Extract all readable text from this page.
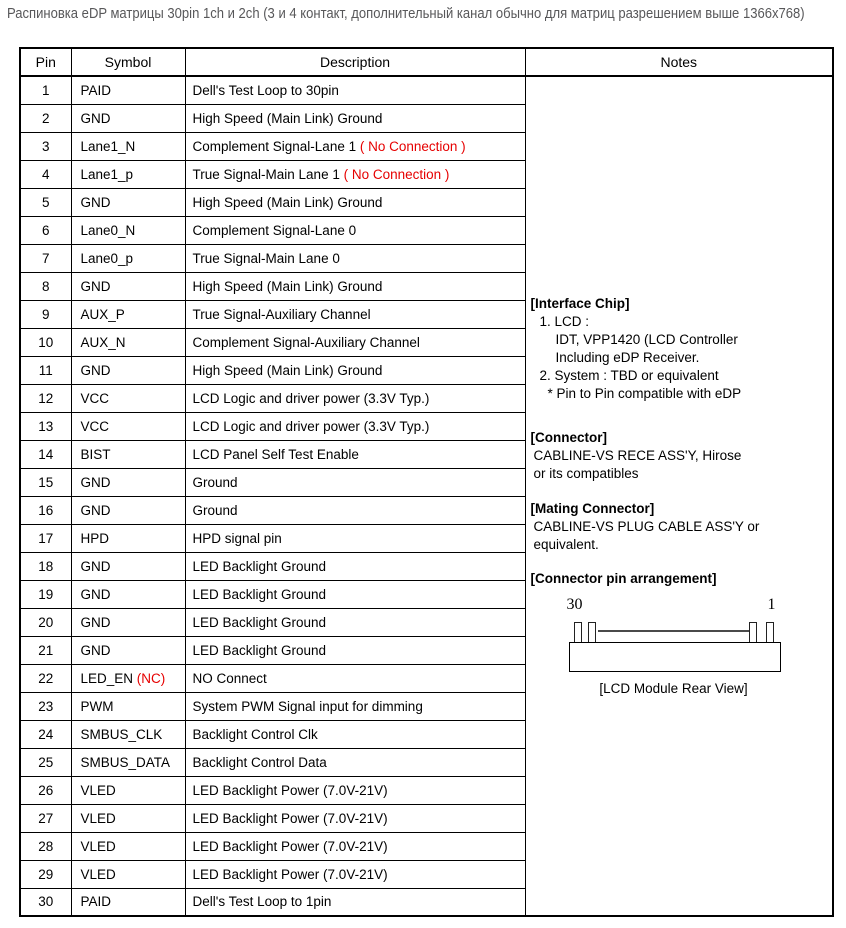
Распиновка eDP матрицы 30pin 1ch и 2ch (3 и 4 контакт, дополнительный канал обычно для матриц разрешением выше 1366x768)
Pin	Symbol	Description	Notes
1	PAID	Dell's Test Loop to 30pin	
[Interface Chip]
1. LCD :
IDT, VPP1420 (LCD Controller
Including eDP Receiver.
2. System : TBD or equivalent
* Pin to Pin compatible with eDP
[Connector]
CABLINE-VS RECE ASS'Y, Hirose
or its compatibles
[Mating Connector]
CABLINE-VS PLUG CABLE ASS'Y or
equivalent.
[Connector pin arrangement]
30	1
[LCD Module Rear View]

2	GND	High Speed (Main Link) Ground	
3	Lane1_N	Complement Signal-Lane 1 ( No Connection )	
4	Lane1_p	True Signal-Main Lane 1 ( No Connection )	
5	GND	High Speed (Main Link) Ground	
6	Lane0_N	Complement Signal-Lane 0	
7	Lane0_p	True Signal-Main Lane 0	
8	GND	High Speed (Main Link) Ground	
9	AUX_P	True Signal-Auxiliary Channel	
10	AUX_N	Complement Signal-Auxiliary Channel	
11	GND	High Speed (Main Link) Ground	
12	VCC	LCD Logic and driver power (3.3V Typ.)	
13	VCC	LCD Logic and driver power (3.3V Typ.)	
14	BIST	LCD Panel Self Test Enable	
15	GND	Ground	
16	GND	Ground	
17	HPD	HPD signal pin	
18	GND	LED Backlight Ground	
19	GND	LED Backlight Ground	
20	GND	LED Backlight Ground	
21	GND	LED Backlight Ground	
22	LED_EN (NC)	NO Connect	
23	PWM	System PWM Signal input for dimming	
24	SMBUS_CLK	Backlight Control Clk	
25	SMBUS_DATA	Backlight Control Data	
26	VLED	LED Backlight Power (7.0V-21V)	
27	VLED	LED Backlight Power (7.0V-21V)	
28	VLED	LED Backlight Power (7.0V-21V)	
29	VLED	LED Backlight Power (7.0V-21V)	
30	PAID	Dell's Test Loop to 1pin	
